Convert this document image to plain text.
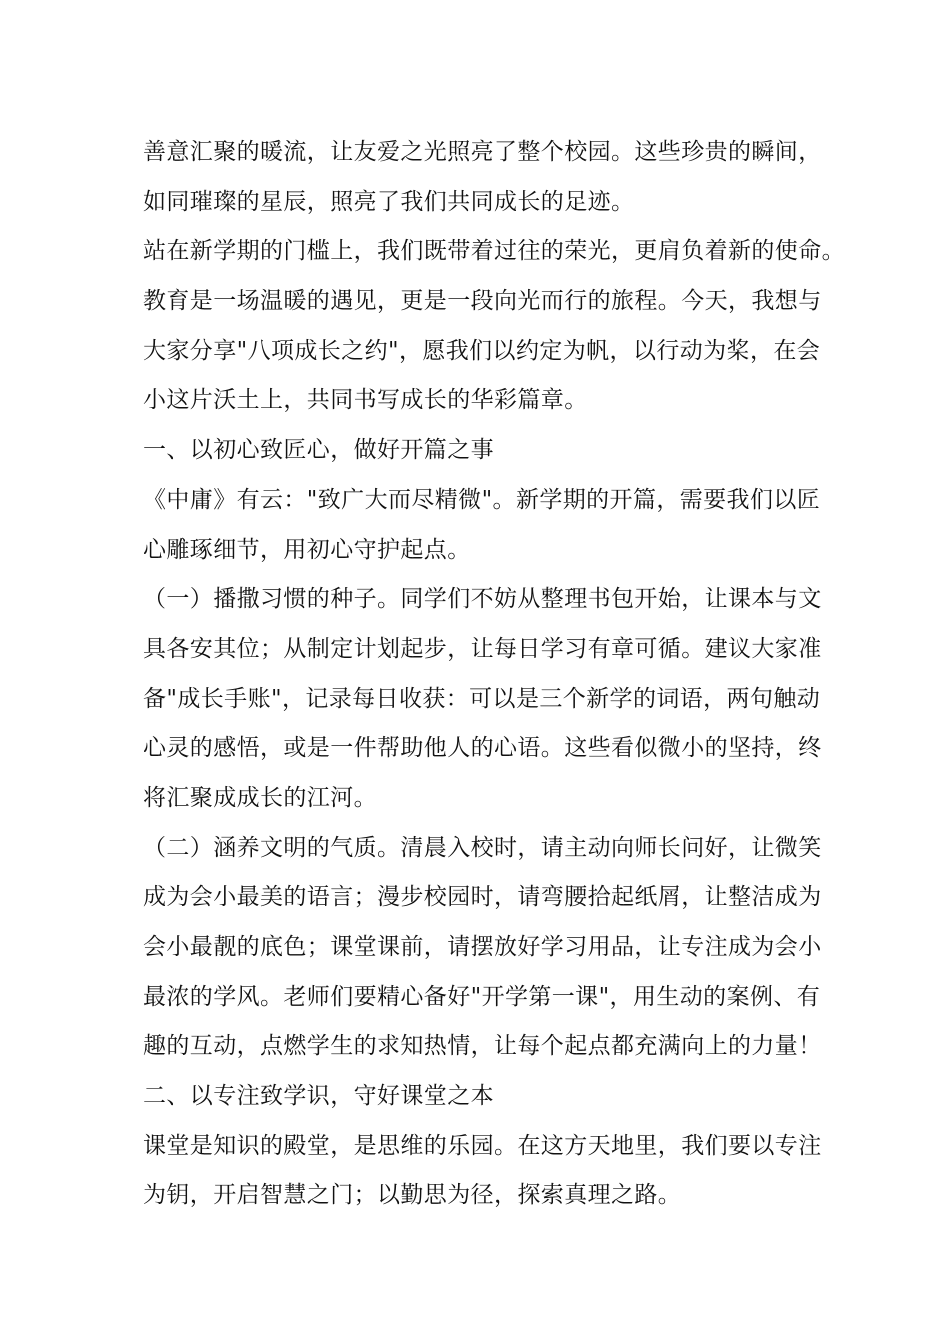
善意汇聚的暖流，让友爱之光照亮了整个校园。这些珍贵的瞬间，
如同璀璨的星辰，照亮了我们共同成长的足迹。
站在新学期的门槛上，我们既带着过往的荣光，更肩负着新的使命。
教育是一场温暖的遇见，更是一段向光而行的旅程。今天，我想与
大家分享"八项成长之约"，愿我们以约定为帆，以行动为桨，在会
小这片沃土上，共同书写成长的华彩篇章。
一、以初心致匠心，做好开篇之事
《中庸》有云："致广大而尽精微"。新学期的开篇，需要我们以匠
心雕琢细节，用初心守护起点。
（一）播撒习惯的种子。同学们不妨从整理书包开始，让课本与文
具各安其位；从制定计划起步，让每日学习有章可循。建议大家准
备"成长手账"，记录每日收获：可以是三个新学的词语，两句触动
心灵的感悟，或是一件帮助他人的心语。这些看似微小的坚持，终
将汇聚成成长的江河。
（二）涵养文明的气质。清晨入校时，请主动向师长问好，让微笑
成为会小最美的语言；漫步校园时，请弯腰拾起纸屑，让整洁成为
会小最靓的底色；课堂课前，请摆放好学习用品，让专注成为会小
最浓的学风。老师们要精心备好"开学第一课"，用生动的案例、有
趣的互动，点燃学生的求知热情，让每个起点都充满向上的力量！
二、以专注致学识，守好课堂之本
课堂是知识的殿堂，是思维的乐园。在这方天地里，我们要以专注
为钥，开启智慧之门；以勤思为径，探索真理之路。
